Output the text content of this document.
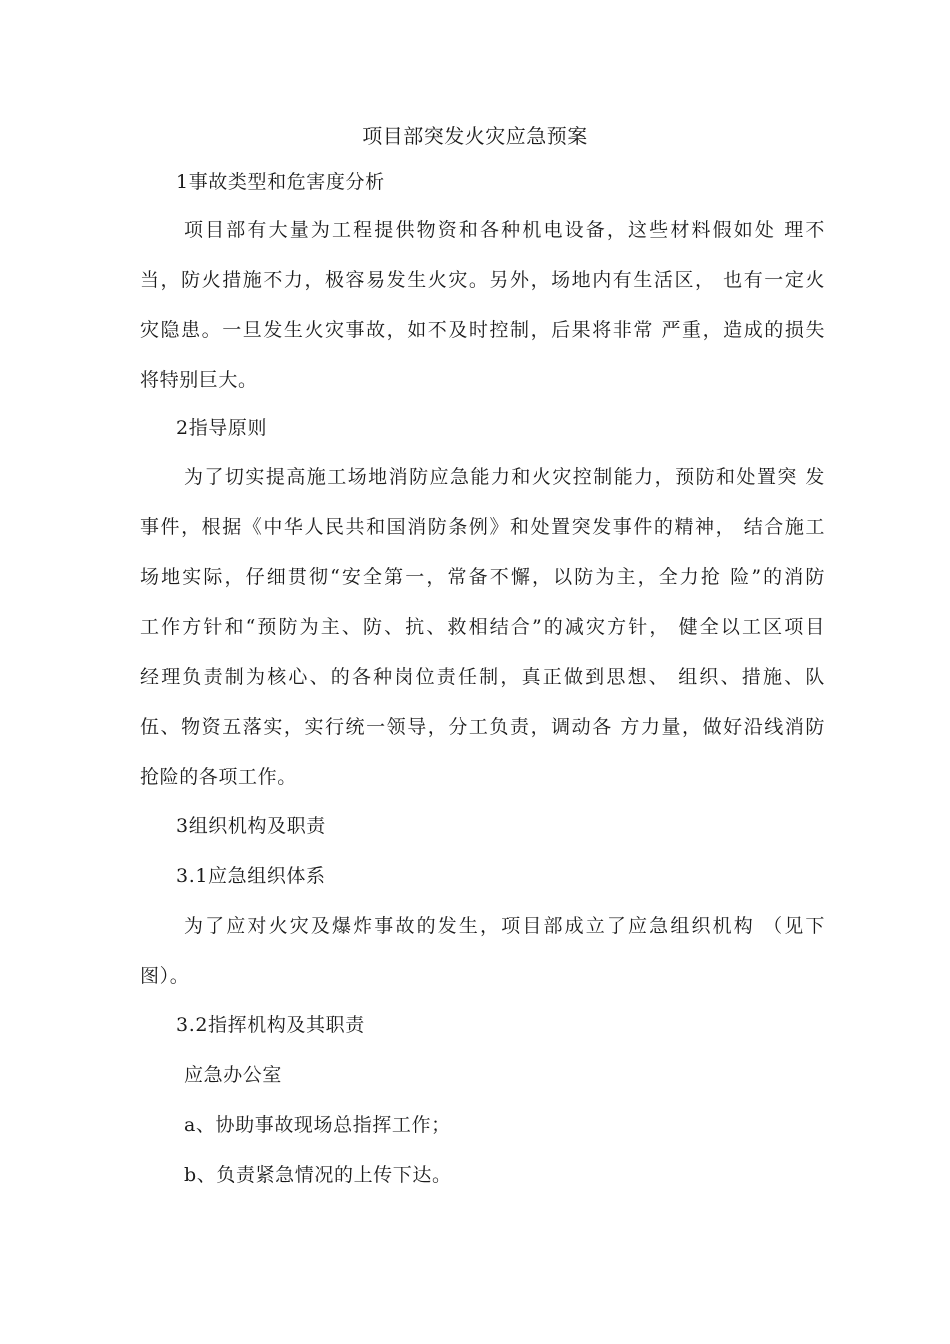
项目部突发火灾应急预案
1事故类型和危害度分析
项目部有大量为工程提供物资和各种机电设备，这些材料假如处 理不
当，防火措施不力，极容易发生火灾。另外，场地内有生活区， 也有一定火
灾隐患。一旦发生火灾事故，如不及时控制，后果将非常 严重，造成的损失
将特别巨大。
2指导原则
为了切实提高施工场地消防应急能力和火灾控制能力，预防和处置突 发
事件，根据《中华人民共和国消防条例》和处置突发事件的精神， 结合施工
场地实际，仔细贯彻“安全第一，常备不懈，以防为主，全力抢 险”的消防
工作方针和“预防为主、防、抗、救相结合”的减灾方针， 健全以工区项目
经理负责制为核心、的各种岗位责任制，真正做到思想、 组织、措施、队
伍、物资五落实，实行统一领导，分工负责，调动各 方力量，做好沿线消防
抢险的各项工作。
3组织机构及职责
3.1应急组织体系
为了应对火灾及爆炸事故的发生，项目部成立了应急组织机构 （见下
图）。
3.2指挥机构及其职责
应急办公室
a、协助事故现场总指挥工作；
b、负责紧急情况的上传下达。
